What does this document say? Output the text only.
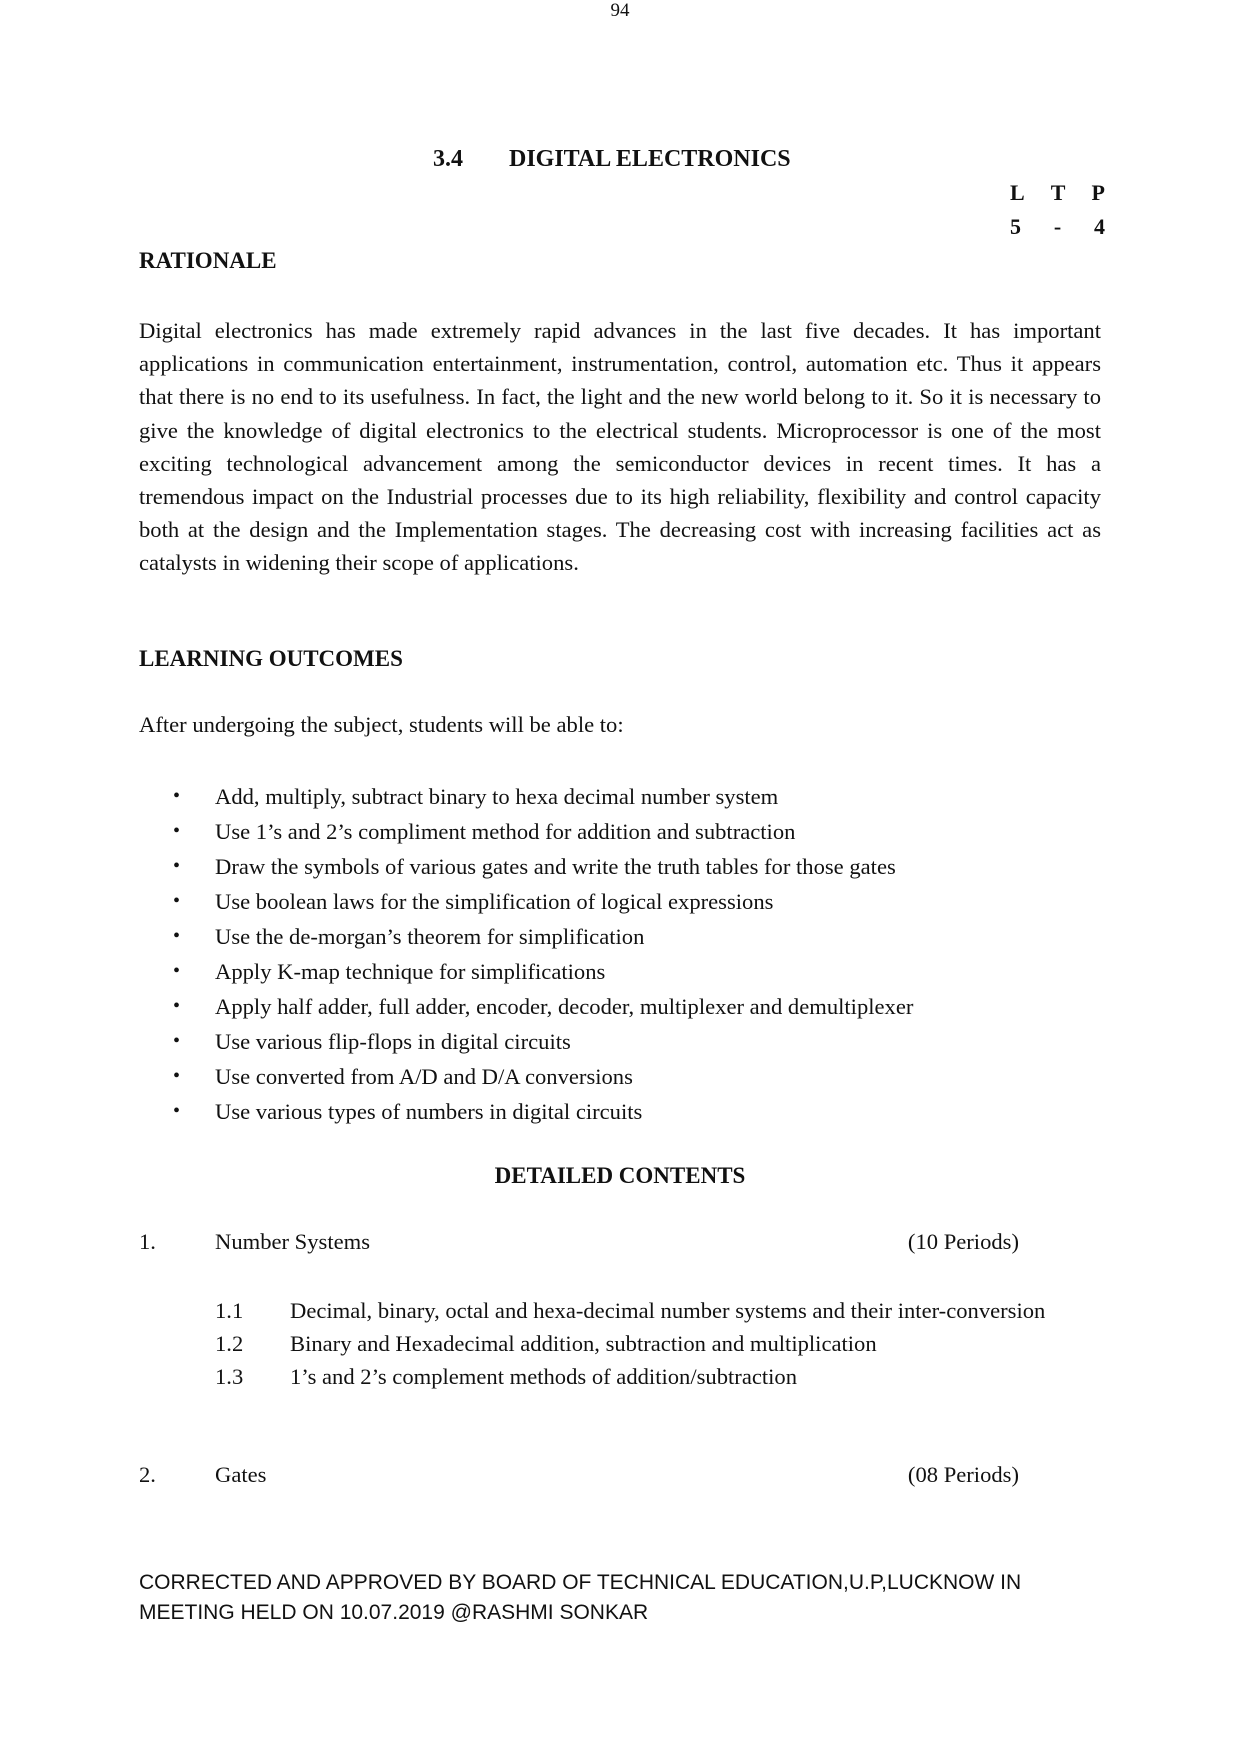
94
3.4 DIGITAL ELECTRONICS
L T P
5 - 4
RATIONALE
Digital electronics has made extremely rapid advances in the last five decades. It has important applications in communication entertainment, instrumentation, control, automation etc. Thus it appears that there is no end to its usefulness. In fact, the light and the new world belong to it. So it is necessary to give the knowledge of digital electronics to the electrical students. Microprocessor is one of the most exciting technological advancement among the semiconductor devices in recent times. It has a tremendous impact on the Industrial processes due to its high reliability, flexibility and control capacity both at the design and the Implementation stages. The decreasing cost with increasing facilities act as catalysts in widening their scope of applications.
LEARNING OUTCOMES
After undergoing the subject, students will be able to:
• Add, multiply, subtract binary to hexa decimal number system
• Use 1’s and 2’s compliment method for addition and subtraction
• Draw the symbols of various gates and write the truth tables for those gates
• Use boolean laws for the simplification of logical expressions
• Use the de-morgan’s theorem for simplification
• Apply K-map technique for simplifications
• Apply half adder, full adder, encoder, decoder, multiplexer and demultiplexer
• Use various flip-flops in digital circuits
• Use converted from A/D and D/A conversions
• Use various types of numbers in digital circuits
DETAILED CONTENTS
1.	Number Systems	(10 Periods)
1.1	Decimal, binary, octal and hexa-decimal number systems and their inter-conversion
1.2	Binary and Hexadecimal addition, subtraction and multiplication
1.3	1’s and 2’s complement methods of addition/subtraction
2.	Gates	(08 Periods)
CORRECTED AND APPROVED BY BOARD OF TECHNICAL EDUCATION,U.P,LUCKNOW IN
MEETING HELD ON 10.07.2019 @RASHMI SONKAR
